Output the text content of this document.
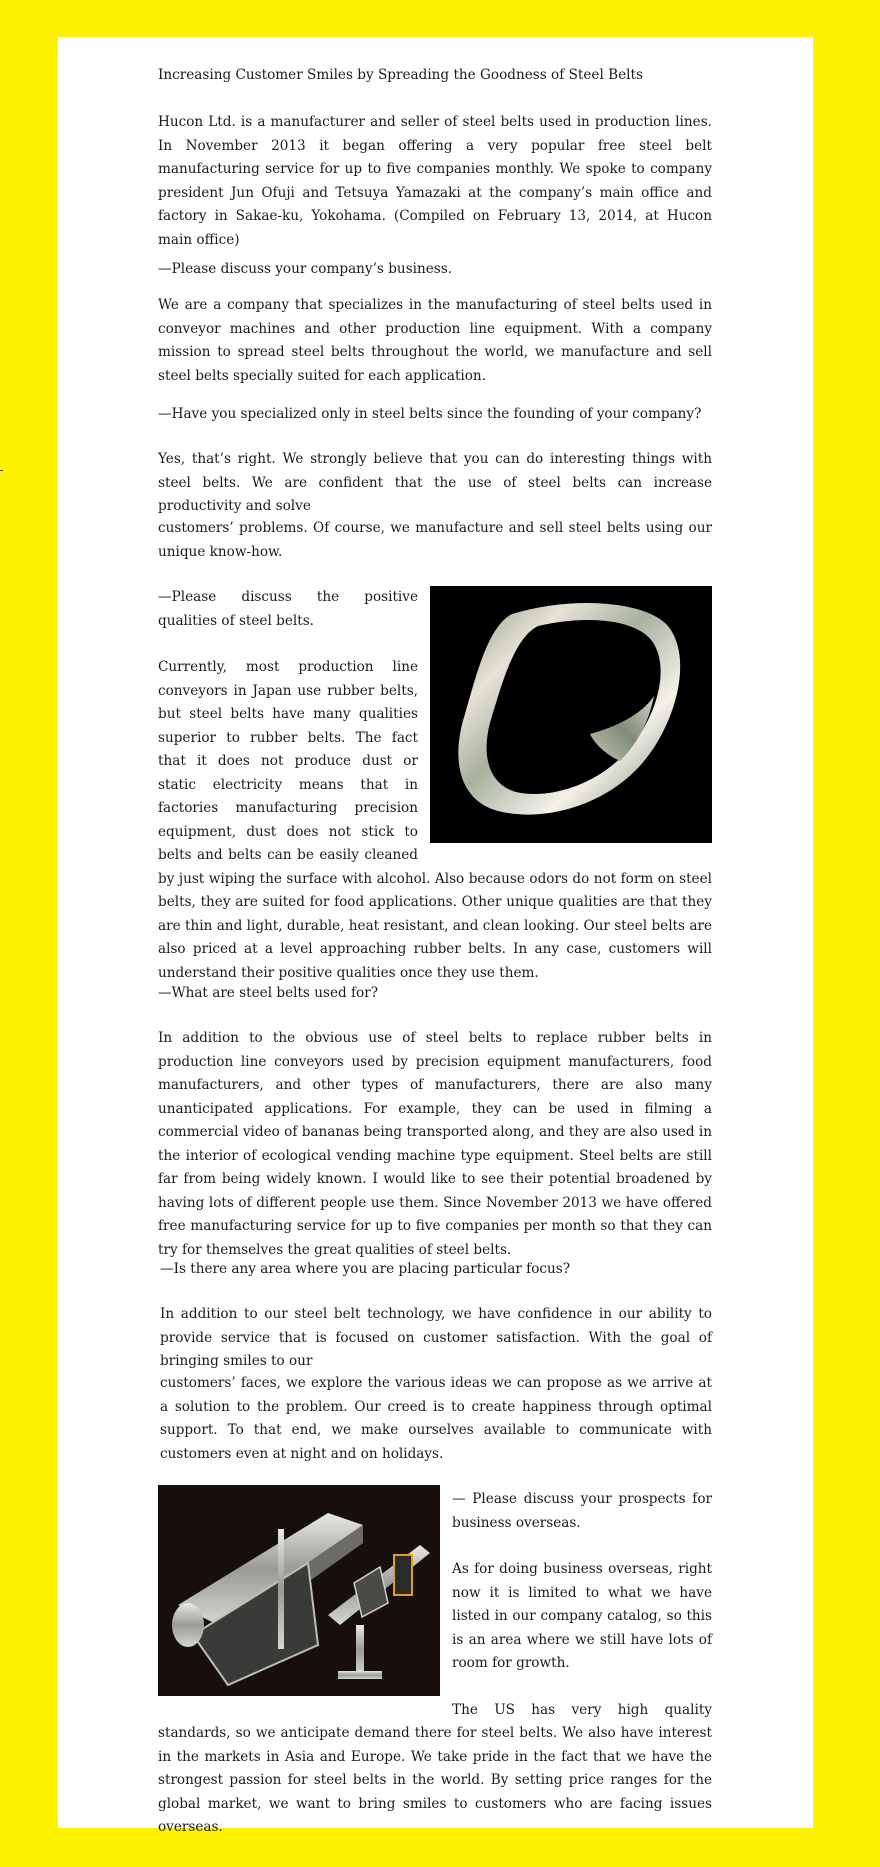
Increasing Customer Smiles by Spreading the Goodness of Steel Belts

Hucon Ltd. is a manufacturer and seller of steel belts used in production lines. In November 2013 it began offering a very popular free steel belt manufacturing service for up to five companies monthly. We spoke to company president Jun Ofuji and Tetsuya Yamazaki at the company’s main office and factory in Sakae-ku, Yokohama. (Compiled on February 13, 2014, at Hucon main office)

—Please discuss your company’s business.

We are a company that specializes in the manufacturing of steel belts used in conveyor machines and other production line equipment. With a company mission to spread steel belts throughout the world, we manufacture and sell steel belts specially suited for each application.

—Have you specialized only in steel belts since the founding of your company?

Yes, that’s right. We strongly believe that you can do interesting things with steel belts. We are confident that the use of steel belts can increase productivity and solve

customers’ problems. Of course, we manufacture and sell steel belts using our unique know-how.

—Please discuss the positive qualities of steel belts.

Currently, most production line conveyors in Japan use rubber belts, but steel belts have many qualities superior to rubber belts. The fact that it does not produce dust or static electricity means that in factories manufacturing precision equipment, dust does not stick to belts and belts can be easily cleaned by just wiping the surface with alcohol. Also because odors do not form on steel belts, they are suited for food applications. Other unique qualities are that they are thin and light, durable, heat resistant, and clean looking. Our steel belts are also priced at a level approaching rubber belts. In any case, customers will understand their positive qualities once they use them.

—What are steel belts used for?

In addition to the obvious use of steel belts to replace rubber belts in production line conveyors used by precision equipment manufacturers, food manufacturers, and other types of manufacturers, there are also many unanticipated applications. For example, they can be used in filming a commercial video of bananas being transported along, and they are also used in the interior of ecological vending machine type equipment. Steel belts are still far from being widely known. I would like to see their potential broadened by having lots of different people use them. Since November 2013 we have offered free manufacturing service for up to five companies per month so that they can try for themselves the great qualities of steel belts.

—Is there any area where you are placing particular focus?

In addition to our steel belt technology, we have confidence in our ability to provide service that is focused on customer satisfaction. With the goal of bringing smiles to our

customers’ faces, we explore the various ideas we can propose as we arrive at a solution to the problem. Our creed is to create happiness through optimal support. To that end, we make ourselves available to communicate with customers even at night and on holidays.

— Please discuss your prospects for business overseas.

As for doing business overseas, right now it is limited to what we have listed in our company catalog, so this is an area where we still have lots of room for growth.

The US has very high quality standards, so we anticipate demand there for steel belts. We also have interest in the markets in Asia and Europe. We take pride in the fact that we have the strongest passion for steel belts in the world. By setting price ranges for the global market, we want to bring smiles to customers who are facing issues overseas.
